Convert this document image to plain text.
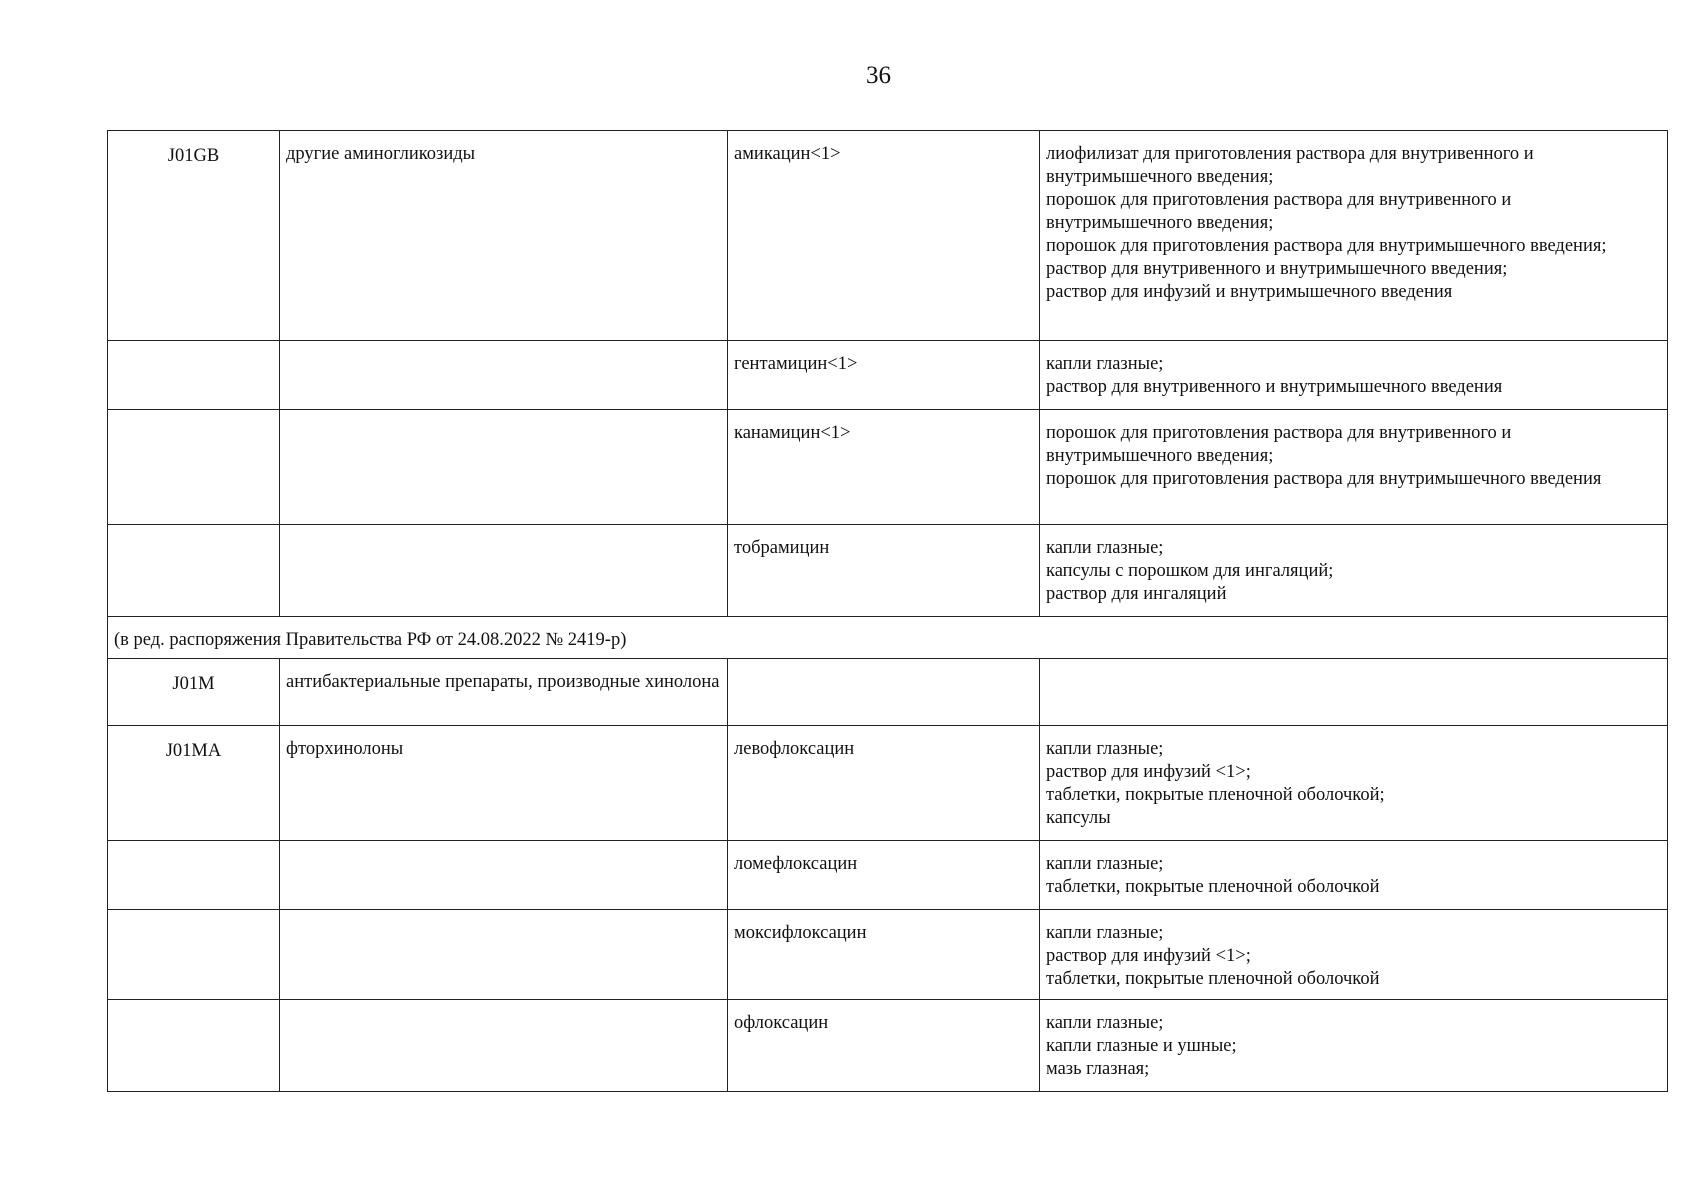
36
J01GB	другие аминогликозиды	амикацин<1>	лиофилизат для приготовления раствора для внутривенного и внутримышечного введения;
порошок для приготовления раствора для внутривенного и внутримышечного введения;
порошок для приготовления раствора для внутримышечного введения;
раствор для внутривенного и внутримышечного введения;
раствор для инфузий и внутримышечного введения

		гентамицин<1>	капли глазные;
раствор для внутривенного и внутримышечного введения

		канамицин<1>	порошок для приготовления раствора для внутривенного и внутримышечного введения;
порошок для приготовления раствора для внутримышечного введения

		тобрамицин	капли глазные;
капсулы с порошком для ингаляций;
раствор для ингаляций

(в ред. распоряжения Правительства РФ от 24.08.2022 № 2419-р)			
J01M	антибактериальные препараты, производные хинолона		
J01MA	фторхинолоны	левофлоксацин	капли глазные;
раствор для инфузий <1>;
таблетки, покрытые пленочной оболочкой;
капсулы

		ломефлоксацин	капли глазные;
таблетки, покрытые пленочной оболочкой

		моксифлоксацин	капли глазные;
раствор для инфузий <1>;
таблетки, покрытые пленочной оболочкой

		офлоксацин	капли глазные;
капли глазные и ушные;
мазь глазная;
